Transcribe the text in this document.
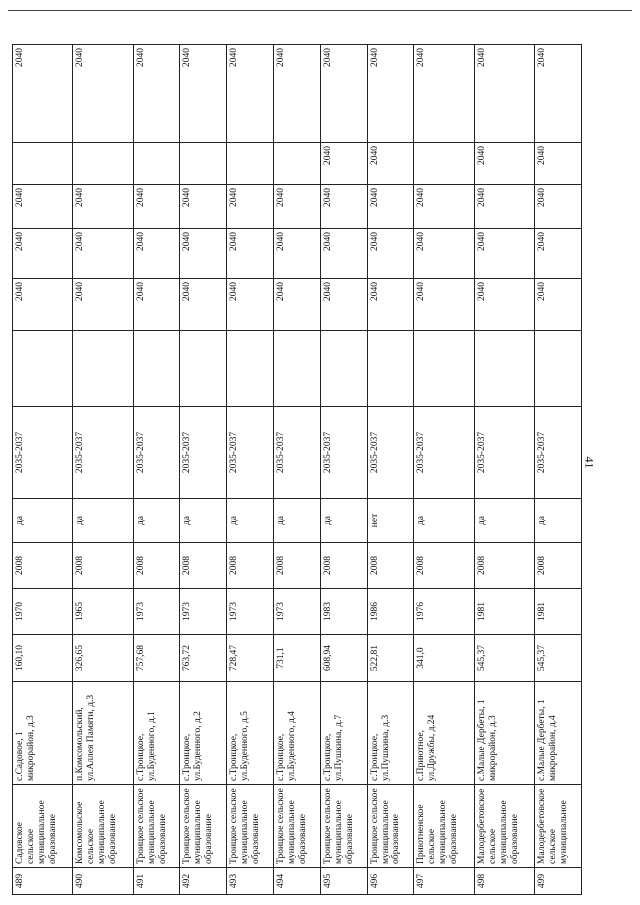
489	Садовское сельское муниципальное образование	с.Садовое, 1 микрорайон, д.3	160,10	1970	2008	да	2035-2037		2040	2040	2040		2040
490	Комсомольское сельское муниципальное образование	п.Комсомольский, ул.Аллея Памяти, д.3	326,65	1965	2008	да	2035-2037		2040	2040	2040		2040
491	Троицкое сельское муниципальное образование	с.Троицкое, ул.Буденного, д.1	757,68	1973	2008	да	2035-2037		2040	2040	2040		2040
492	Троицкое сельское муниципальное образование	с.Троицкое, ул.Буденного, д.2	763,72	1973	2008	да	2035-2037		2040	2040	2040		2040
493	Троицкое сельское муниципальное образование	с.Троицкое, ул.Буденного, д.5	728,47	1973	2008	да	2035-2037		2040	2040	2040		2040
494	Троицкое сельское муниципальное образование	с.Троицкое, ул.Буденного, д.4	731,1	1973	2008	да	2035-2037		2040	2040	2040		2040
495	Троицкое сельское муниципальное образование	с.Троицкое, ул.Пушкина, д.7	608,94	1983	2008	да	2035-2037		2040	2040	2040	2040	2040
496	Троицкое сельское муниципальное образование	с.Троицкое, ул.Пушкина, д.3	522,81	1986	2008	нет	2035-2037		2040	2040	2040	2040	2040
497	Приютненское сельское муниципальное образование	с.Приютное, ул.Дружбы, д.24	341,0	1976	2008	да	2035-2037		2040	2040	2040		2040
498	Малодербетовское сельское муниципальное образование	с.Малые Дербеты, 1 микрорайон, д.3	545,37	1981	2008	да	2035-2037		2040	2040	2040	2040	2040
499	Малодербетовское сельское муниципальное	с.Малые Дербеты, 1 микрорайон, д.4	545,37	1981	2008	да	2035-2037		2040	2040	2040	2040	2040
41
